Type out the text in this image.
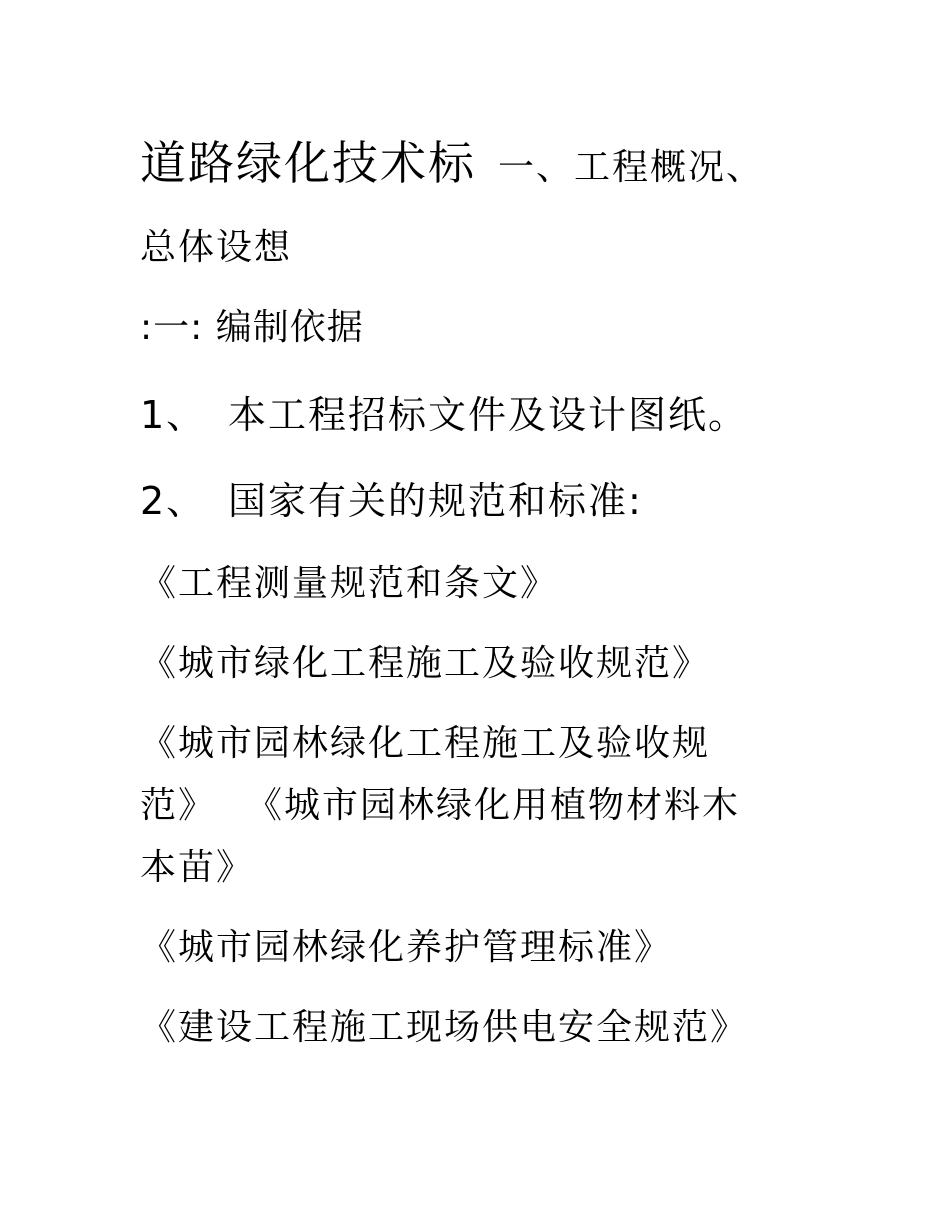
道路绿化技术标 一、工程概况、

总体设想

:一: 编制依据

1、 本工程招标文件及设计图纸。

2、 国家有关的规范和标准:

《工程测量规范和条文》

《城市绿化工程施工及验收规范》

《城市园林绿化工程施工及验收规

范》 《城市园林绿化用植物材料木

本苗》

《城市园林绿化养护管理标准》

《建设工程施工现场供电安全规范》
